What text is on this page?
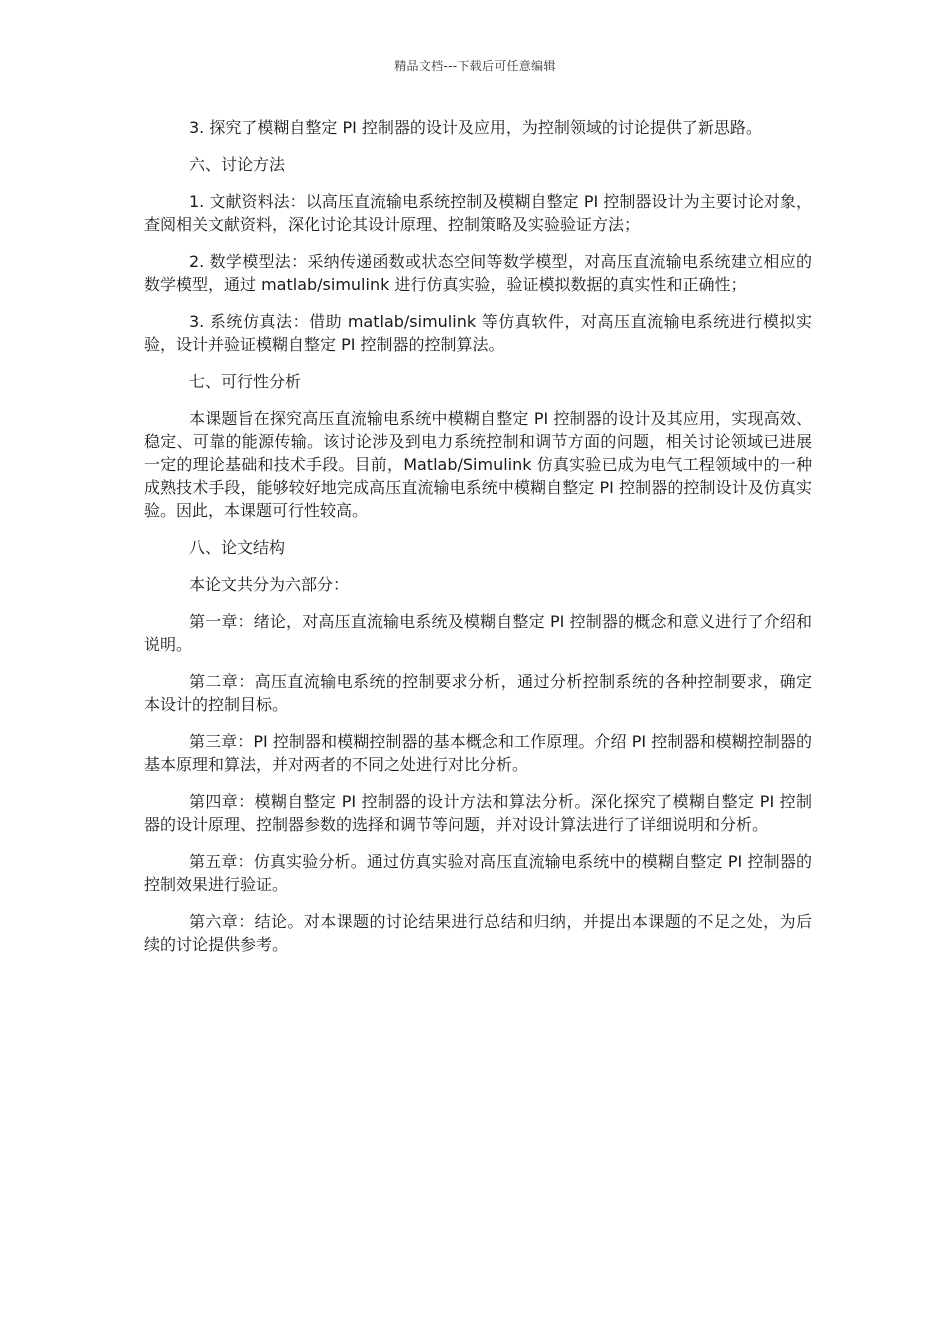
精品文档---下载后可任意编辑

3. 探究了模糊自整定 PI 控制器的设计及应用，为控制领域的讨论提供了新思路。

六、讨论方法

1. 文献资料法：以高压直流输电系统控制及模糊自整定 PI 控制器设计为主要讨论对象，查阅相关文献资料，深化讨论其设计原理、控制策略及实验验证方法；

2. 数学模型法：采纳传递函数或状态空间等数学模型，对高压直流输电系统建立相应的数学模型，通过 matlab/simulink 进行仿真实验，验证模拟数据的真实性和正确性；

3. 系统仿真法：借助 matlab/simulink 等仿真软件，对高压直流输电系统进行模拟实验，设计并验证模糊自整定 PI 控制器的控制算法。

七、可行性分析

本课题旨在探究高压直流输电系统中模糊自整定 PI 控制器的设计及其应用，实现高效、稳定、可靠的能源传输。该讨论涉及到电力系统控制和调节方面的问题，相关讨论领域已进展一定的理论基础和技术手段。目前，Matlab/Simulink 仿真实验已成为电气工程领域中的一种成熟技术手段，能够较好地完成高压直流输电系统中模糊自整定 PI 控制器的控制设计及仿真实验。因此，本课题可行性较高。

八、论文结构

本论文共分为六部分：

第一章：绪论，对高压直流输电系统及模糊自整定 PI 控制器的概念和意义进行了介绍和说明。

第二章：高压直流输电系统的控制要求分析，通过分析控制系统的各种控制要求，确定本设计的控制目标。

第三章：PI 控制器和模糊控制器的基本概念和工作原理。介绍 PI 控制器和模糊控制器的基本原理和算法，并对两者的不同之处进行对比分析。

第四章：模糊自整定 PI 控制器的设计方法和算法分析。深化探究了模糊自整定 PI 控制器的设计原理、控制器参数的选择和调节等问题，并对设计算法进行了详细说明和分析。

第五章：仿真实验分析。通过仿真实验对高压直流输电系统中的模糊自整定 PI 控制器的控制效果进行验证。

第六章：结论。对本课题的讨论结果进行总结和归纳，并提出本课题的不足之处，为后续的讨论提供参考。
